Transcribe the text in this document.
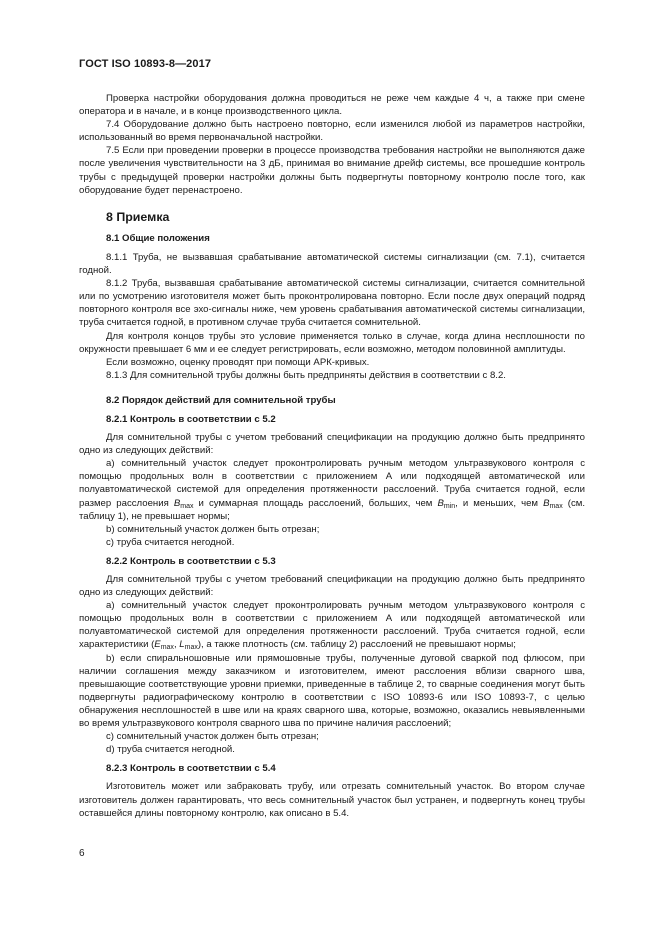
ГОСТ ISO 10893-8—2017

Проверка настройки оборудования должна проводиться не реже чем каждые 4 ч, а также при смене оператора и в начале, и в конце производственного цикла.

7.4 Оборудование должно быть настроено повторно, если изменился любой из параметров настройки, использованный во время первоначальной настройки.

7.5 Если при проведении проверки в процессе производства требования настройки не выполняются даже после увеличения чувствительности на 3 дБ, принимая во внимание дрейф системы, все прошедшие контроль трубы с предыдущей проверки настройки должны быть подвергнуты повторному контролю после того, как оборудование будет перенастроено.

8 Приемка
8.1 Общие положения

8.1.1 Труба, не вызвавшая срабатывание автоматической системы сигнализации (см. 7.1), считается годной.

8.1.2 Труба, вызвавшая срабатывание автоматической системы сигнализации, считается сомнительной или по усмотрению изготовителя может быть проконтролирована повторно. Если после двух операций подряд повторного контроля все эхо-сигналы ниже, чем уровень срабатывания автоматической системы сигнализации, труба считается годной, в противном случае труба считается сомнительной.

Для контроля концов трубы это условие применяется только в случае, когда длина несплошности по окружности превышает 6 мм и ее следует регистрировать, если возможно, методом половинной амплитуды.

Если возможно, оценку проводят при помощи АРК-кривых.

8.1.3 Для сомнительной трубы должны быть предприняты действия в соответствии с 8.2.

8.2 Порядок действий для сомнительной трубы
8.2.1 Контроль в соответствии с 5.2

Для сомнительной трубы с учетом требований спецификации на продукцию должно быть предпринято одно из следующих действий:

а) сомнительный участок следует проконтролировать ручным методом ультразвукового контроля с помощью продольных волн в соответствии с приложением А или подходящей автоматической или полуавтоматической системой для определения протяженности расслоений. Труба считается годной, если размер расслоения $B_{max}$ и суммарная площадь расслоений, больших, чем $B_{min}$, и меньших, чем $B_{max}$ (см. таблицу 1), не превышает нормы;

b) сомнительный участок должен быть отрезан;

c) труба считается негодной.

8.2.2 Контроль в соответствии с 5.3

Для сомнительной трубы с учетом требований спецификации на продукцию должно быть предпринято одно из следующих действий:

а) сомнительный участок следует проконтролировать ручным методом ультразвукового контроля с помощью продольных волн в соответствии с приложением А или подходящей автоматической или полуавтоматической системой для определения протяженности расслоений. Труба считается годной, если характеристики ($E_{max}$, $L_{max}$), а также плотность (см. таблицу 2) расслоений не превышают нормы;

b) если спиральношовные или прямошовные трубы, полученные дуговой сваркой под флюсом, при наличии соглашения между заказчиком и изготовителем, имеют расслоения вблизи сварного шва, превышающие соответствующие уровни приемки, приведенные в таблице 2, то сварные соединения могут быть подвергнуты радиографическому контролю в соответствии с ISO 10893-6 или ISO 10893-7, с целью обнаружения несплошностей в шве или на краях сварного шва, которые, возможно, оказались невыявленными во время ультразвукового контроля сварного шва по причине наличия расслоений;

c) сомнительный участок должен быть отрезан;

d) труба считается негодной.

8.2.3 Контроль в соответствии с 5.4

Изготовитель может или забраковать трубу, или отрезать сомнительный участок. Во втором случае изготовитель должен гарантировать, что весь сомнительный участок был устранен, и подвергнуть конец трубы оставшейся длины повторному контролю, как описано в 5.4.

6
